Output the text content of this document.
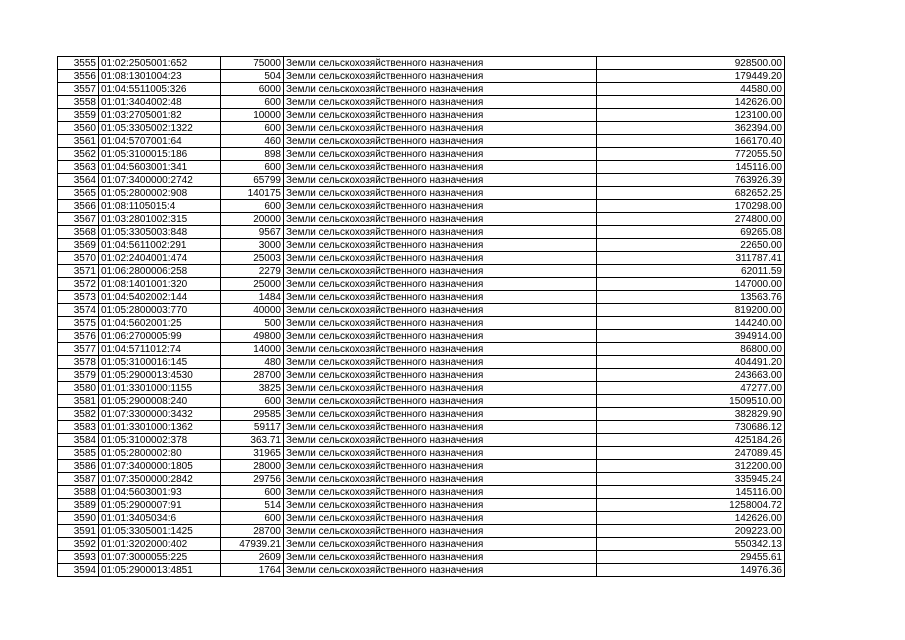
3555	01:02:2505001:652	75000	Земли сельскохозяйственного назначения	928500.00
3556	01:08:1301004:23	504	Земли сельскохозяйственного назначения	179449.20
3557	01:04:5511005:326	6000	Земли сельскохозяйственного назначения	44580.00
3558	01:01:3404002:48	600	Земли сельскохозяйственного назначения	142626.00
3559	01:03:2705001:82	10000	Земли сельскохозяйственного назначения	123100.00
3560	01:05:3305002:1322	600	Земли сельскохозяйственного назначения	362394.00
3561	01:04:5707001:64	460	Земли сельскохозяйственного назначения	166170.40
3562	01:05:3100015:186	898	Земли сельскохозяйственного назначения	772055.50
3563	01:04:5603001:341	600	Земли сельскохозяйственного назначения	145116.00
3564	01:07:3400000:2742	65799	Земли сельскохозяйственного назначения	763926.39
3565	01:05:2800002:908	140175	Земли сельскохозяйственного назначения	682652.25
3566	01:08:1105015:4	600	Земли сельскохозяйственного назначения	170298.00
3567	01:03:2801002:315	20000	Земли сельскохозяйственного назначения	274800.00
3568	01:05:3305003:848	9567	Земли сельскохозяйственного назначения	69265.08
3569	01:04:5611002:291	3000	Земли сельскохозяйственного назначения	22650.00
3570	01:02:2404001:474	25003	Земли сельскохозяйственного назначения	311787.41
3571	01:06:2800006:258	2279	Земли сельскохозяйственного назначения	62011.59
3572	01:08:1401001:320	25000	Земли сельскохозяйственного назначения	147000.00
3573	01:04:5402002:144	1484	Земли сельскохозяйственного назначения	13563.76
3574	01:05:2800003:770	40000	Земли сельскохозяйственного назначения	819200.00
3575	01:04:5602001:25	500	Земли сельскохозяйственного назначения	144240.00
3576	01:06:2700005:99	49800	Земли сельскохозяйственного назначения	394914.00
3577	01:04:5711012:74	14000	Земли сельскохозяйственного назначения	86800.00
3578	01:05:3100016:145	480	Земли сельскохозяйственного назначения	404491.20
3579	01:05:2900013:4530	28700	Земли сельскохозяйственного назначения	243663.00
3580	01:01:3301000:1155	3825	Земли сельскохозяйственного назначения	47277.00
3581	01:05:2900008:240	600	Земли сельскохозяйственного назначения	1509510.00
3582	01:07:3300000:3432	29585	Земли сельскохозяйственного назначения	382829.90
3583	01:01:3301000:1362	59117	Земли сельскохозяйственного назначения	730686.12
3584	01:05:3100002:378	363.71	Земли сельскохозяйственного назначения	425184.26
3585	01:05:2800002:80	31965	Земли сельскохозяйственного назначения	247089.45
3586	01:07:3400000:1805	28000	Земли сельскохозяйственного назначения	312200.00
3587	01:07:3500000:2842	29756	Земли сельскохозяйственного назначения	335945.24
3588	01:04:5603001:93	600	Земли сельскохозяйственного назначения	145116.00
3589	01:05:2900007:91	514	Земли сельскохозяйственного назначения	1258004.72
3590	01:01:3405034:6	600	Земли сельскохозяйственного назначения	142626.00
3591	01:05:3305001:1425	28700	Земли сельскохозяйственного назначения	209223.00
3592	01:01:3202000:402	47939.21	Земли сельскохозяйственного назначения	550342.13
3593	01:07:3000055:225	2609	Земли сельскохозяйственного назначения	29455.61
3594	01:05:2900013:4851	1764	Земли сельскохозяйственного назначения	14976.36
